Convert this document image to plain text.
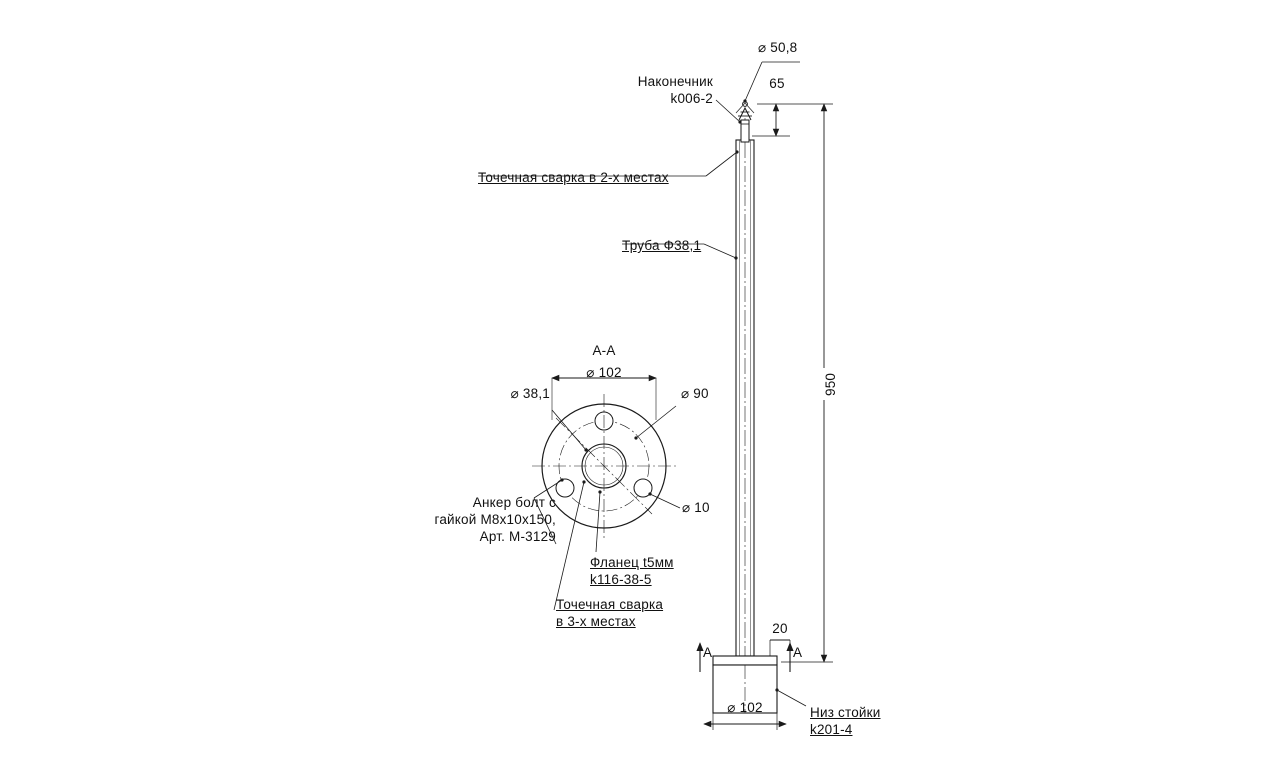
⌀ 50,8
65
Наконечник
k006-2
Точечная сварка в 2-х местах
Труба Ф38,1
950
A-A
⌀ 102
⌀ 38,1	⌀ 90
⌀ 10
Анкер болт с
гайкой М8х10х150,
Арт. М-3129
Фланец t5мм
k116-38-5
Точечная сварка
в 3-х местах	20
A	A
⌀ 102	Низ стойки
k201-4
